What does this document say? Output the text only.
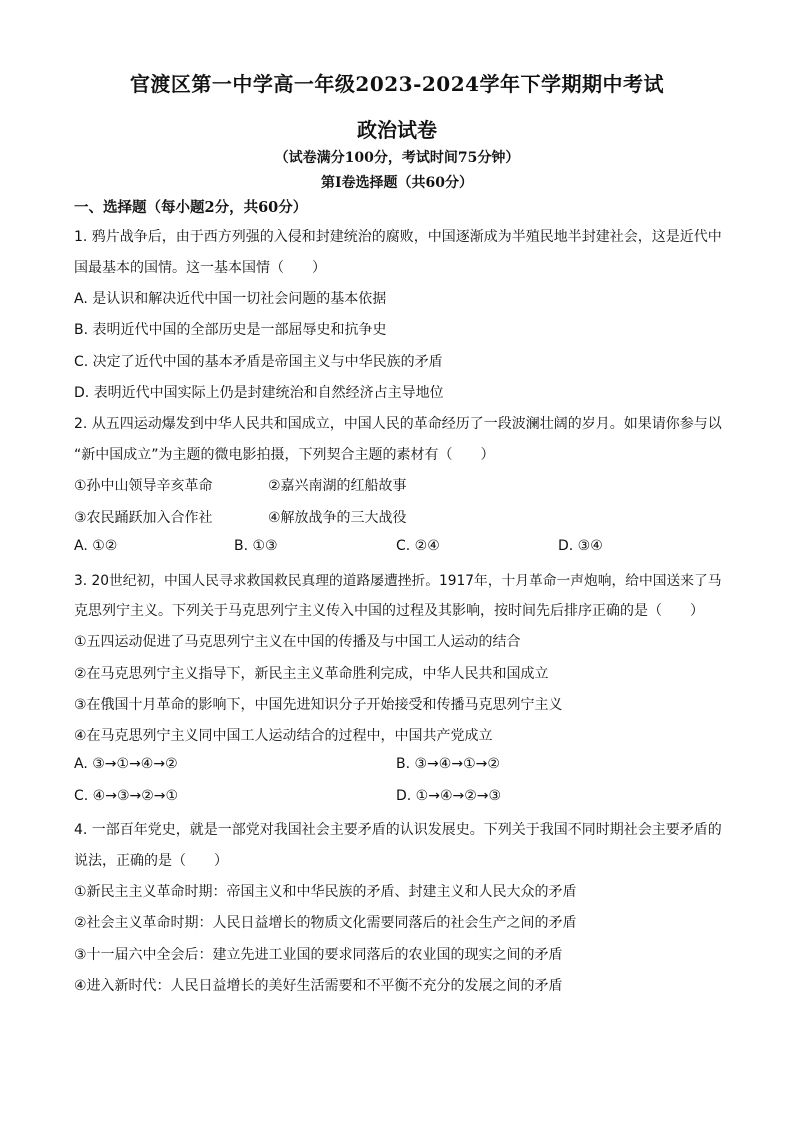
官渡区第一中学高一年级2023-2024学年下学期期中考试
政治试卷
（试卷满分100分，考试时间75分钟）
第I卷选择题（共60分）
一、选择题（每小题2分，共60分）
1. 鸦片战争后，由于西方列强的入侵和封建统治的腐败，中国逐渐成为半殖民地半封建社会，这是近代中
国最基本的国情。这一基本国情（　　）
A. 是认识和解决近代中国一切社会问题的基本依据
B. 表明近代中国的全部历史是一部屈辱史和抗争史
C. 决定了近代中国的基本矛盾是帝国主义与中华民族的矛盾
D. 表明近代中国实际上仍是封建统治和自然经济占主导地位
2. 从五四运动爆发到中华人民共和国成立，中国人民的革命经历了一段波澜壮阔的岁月。如果请你参与以
“新中国成立”为主题的微电影拍摄，下列契合主题的素材有（　　）
①孙中山领导辛亥革命	②嘉兴南湖的红船故事
③农民踊跃加入合作社	④解放战争的三大战役
A. ①②	B. ①③	C. ②④	D. ③④
3. 20世纪初，中国人民寻求救国救民真理的道路屡遭挫折。1917年，十月革命一声炮响，给中国送来了马
克思列宁主义。下列关于马克思列宁主义传入中国的过程及其影响，按时间先后排序正确的是（　　）
①五四运动促进了马克思列宁主义在中国的传播及与中国工人运动的结合
②在马克思列宁主义指导下，新民主主义革命胜利完成，中华人民共和国成立
③在俄国十月革命的影响下，中国先进知识分子开始接受和传播马克思列宁主义
④在马克思列宁主义同中国工人运动结合的过程中，中国共产党成立
A. ③→①→④→②	B. ③→④→①→②
C. ④→③→②→①	D. ①→④→②→③
4. 一部百年党史，就是一部党对我国社会主要矛盾的认识发展史。下列关于我国不同时期社会主要矛盾的
说法，正确的是（　　）
①新民主主义革命时期：帝国主义和中华民族的矛盾、封建主义和人民大众的矛盾
②社会主义革命时期：人民日益增长的物质文化需要同落后的社会生产之间的矛盾
③十一届六中全会后：建立先进工业国的要求同落后的农业国的现实之间的矛盾
④进入新时代：人民日益增长的美好生活需要和不平衡不充分的发展之间的矛盾
